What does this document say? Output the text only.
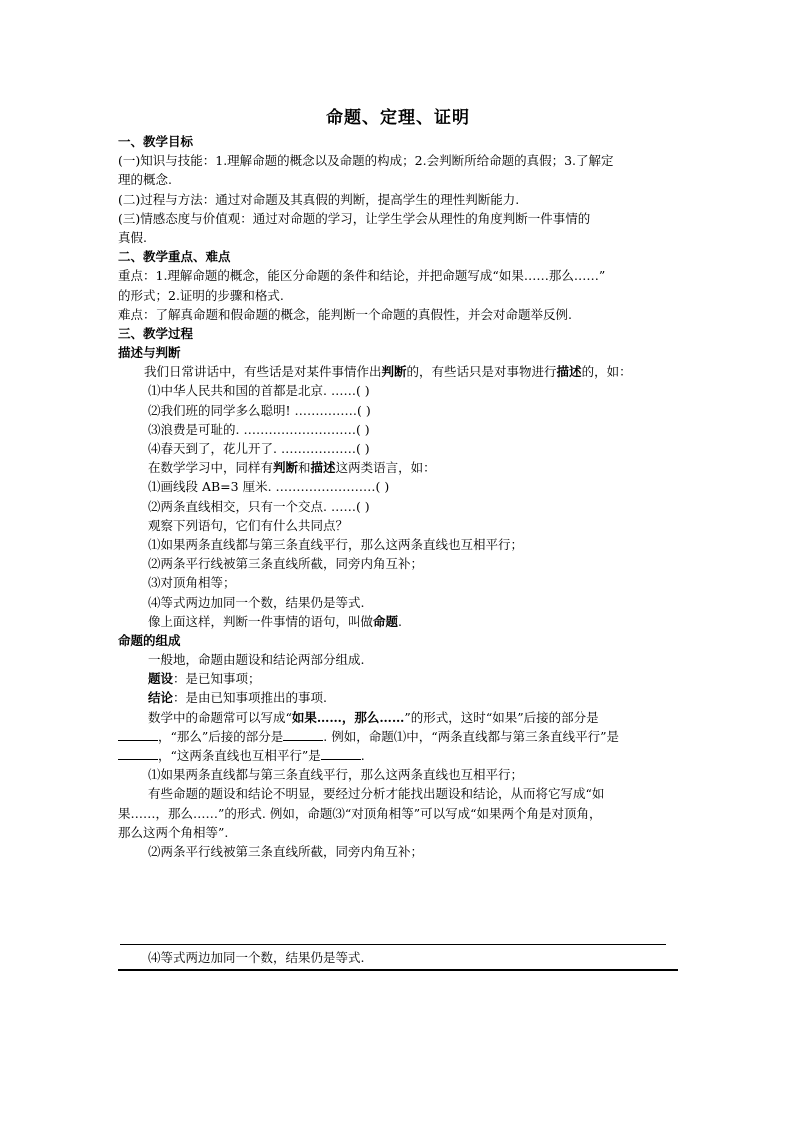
命题、定理、证明
一、教学目标
(一)知识与技能：1.理解命题的概念以及命题的构成；2.会判断所给命题的真假；3.了解定
理的概念.
(二)过程与方法：通过对命题及其真假的判断，提高学生的理性判断能力.
(三)情感态度与价值观：通过对命题的学习，让学生学会从理性的角度判断一件事情的
真假.
二、教学重点、难点
重点：1.理解命题的概念，能区分命题的条件和结论，并把命题写成“如果……那么……”
的形式；2.证明的步骤和格式.
难点：了解真命题和假命题的概念，能判断一个命题的真假性，并会对命题举反例.
三、教学过程
描述与判断
我们日常讲话中，有些话是对某件事情作出判断的，有些话只是对事物进行描述的，如：
⑴中华人民共和国的首都是北京. ……( )
⑵我们班的同学多么聪明! ……………( )
⑶浪费是可耻的. ………………………( )
⑷春天到了，花儿开了. ………………( )
在数学学习中，同样有判断和描述这两类语言，如：
⑴画线段 AB=3 厘米. ……………………( )
⑵两条直线相交，只有一个交点. ……( )
观察下列语句，它们有什么共同点？
⑴如果两条直线都与第三条直线平行，那么这两条直线也互相平行；
⑵两条平行线被第三条直线所截，同旁内角互补；
⑶对顶角相等；
⑷等式两边加同一个数，结果仍是等式.
像上面这样，判断一件事情的语句，叫做命题.
命题的组成
一般地，命题由题设和结论两部分组成.
题设：是已知事项；
结论：是由已知事项推出的事项.
数学中的命题常可以写成“如果……，那么……”的形式，这时“如果”后接的部分是
，“那么”后接的部分是	. 例如，命题⑴中，“两条直线都与第三条直线平行”是
，“这两条直线也互相平行”是	.
⑴如果两条直线都与第三条直线平行，那么这两条直线也互相平行；
有些命题的题设和结论不明显，要经过分析才能找出题设和结论，从而将它写成“如
果……，那么……”的形式. 例如，命题⑶“对顶角相等”可以写成“如果两个角是对顶角，
那么这两个角相等”.
⑵两条平行线被第三条直线所截，同旁内角互补；
⑷等式两边加同一个数，结果仍是等式.
